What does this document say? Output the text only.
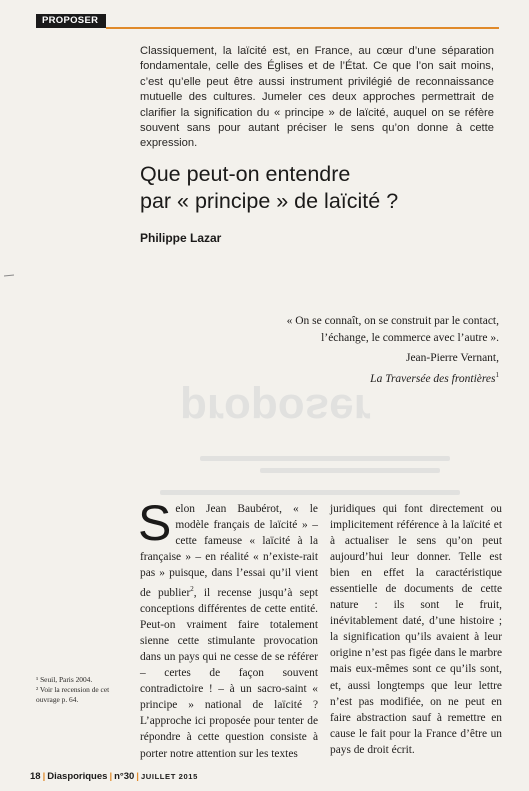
PROPOSER

Classiquement, la laïcité est, en France, au cœur d’une séparation fondamentale, celle des Églises et de l’État. Ce que l’on sait moins, c’est qu’elle peut être aussi instrument privilégié de reconnaissance mutuelle des cultures. Jumeler ces deux approches permettrait de clarifier la signification du « principe » de laïcité, auquel on se réfère souvent sans pour autant préciser le sens qu’on donne à cette expression.

Que peut-on entendre
par « principe » de laïcité ?
Philippe Lazar

« On se connaît, on se construit par le contact,

l’échange, le commerce avec l’autre ».

Jean-Pierre Vernant,

La Traversée des frontières$^1$

proposer

Selon Jean Baubérot, « le modèle français de laïcité » – cette fameuse « laïcité à la française » – en réalité « n’existe-rait pas » puisque, dans l’essai qu’il vient de publier$^2$, il recense jusqu’à sept conceptions différentes de cette entité. Peut-on vraiment faire totalement sienne cette stimulante provocation dans un pays qui ne cesse de se référer – certes de façon souvent contradictoire ! – à un sacro-saint « principe » national de laïcité ? L’approche ici proposée pour tenter de répondre à cette question consiste à porter notre attention sur les textes

juridiques qui font directement ou implicitement référence à la laïcité et à actualiser le sens qu’on peut aujourd’hui leur donner. Telle est bien en effet la caractéristique essentielle de documents de cette nature : ils sont le fruit, inévitablement daté, d’une histoire ; la signification qu’ils avaient à leur origine n’est pas figée dans le marbre mais eux-mêmes sont ce qu’ils sont, et, aussi longtemps que leur lettre n’est pas modifiée, on ne peut en faire abstraction sauf à remettre en cause le fait pour la France d’être un pays de droit écrit.

¹ Seuil, Paris 2004.
² Voir la recension de cet ouvrage p. 64.
18 | Diasporiques | n°30 | JUILLET 2015
